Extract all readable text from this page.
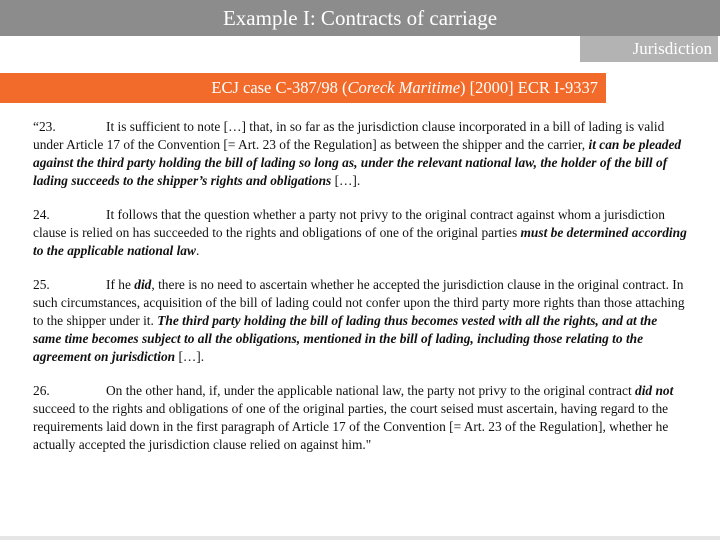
Example I: Contracts of carriage
Jurisdiction
ECJ case C-387/98 (Coreck Maritime) [2000] ECR I-9337

“23.	It is sufficient to note […] that, in so far as the jurisdiction clause incorporated in a bill of lading is valid under Article 17 of the Convention [= Art. 23 of the Regulation] as between the shipper and the carrier, it can be pleaded against the third party holding the bill of lading so long as, under the relevant national law, the holder of the bill of lading succeeds to the shipper’s rights and obligations […].

24.	It follows that the question whether a party not privy to the original contract against whom a jurisdiction clause is relied on has succeeded to the rights and obligations of one of the original parties must be determined according to the applicable national law.

25.	If he did, there is no need to ascertain whether he accepted the jurisdiction clause in the original contract. In such circumstances, acquisition of the bill of lading could not confer upon the third party more rights than those attaching to the shipper under it. The third party holding the bill of lading thus becomes vested with all the rights, and at the same time becomes subject to all the obligations, mentioned in the bill of lading, including those relating to the agreement on jurisdiction […].

26.	On the other hand, if, under the applicable national law, the party not privy to the original contract did not succeed to the rights and obligations of one of the original parties, the court seised must ascertain, having regard to the requirements laid down in the first paragraph of Article 17 of the Convention [= Art. 23 of the Regulation], whether he actually accepted the jurisdiction clause relied on against him."
